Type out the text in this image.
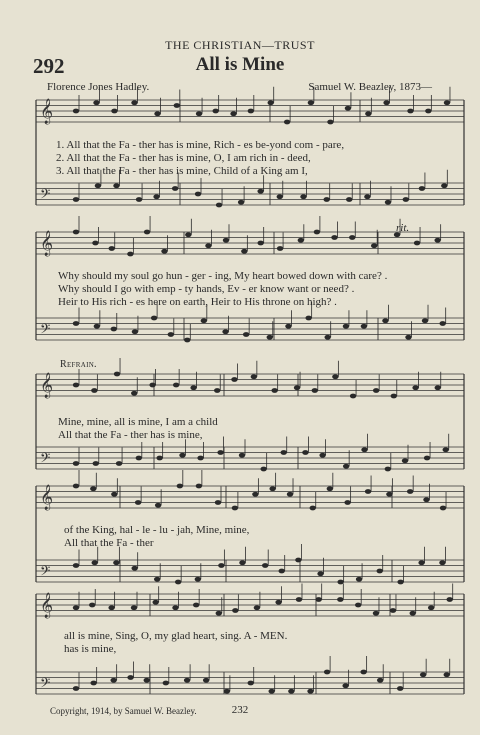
THE CHRISTIAN—TRUST
292	All is Mine
Florence Jones Hadley.	Samuel W. Beazley, 1873—
𝄞
𝄢
𝄞
𝄢
𝄞
𝄢
𝄞
𝄢
𝄞
𝄢
1. All that the Fa - ther has is mine, Rich - es be-yond com - pare,
2. All that the Fa - ther has is mine, O, I am rich in - deed,
3. All that the Fa - ther has is mine, Child of a King am I,
rit.
Why should my soul go hun - ger - ing, My heart bowed down with care? .
Why should I go with emp - ty hands, Ev - er know want or need? .
Heir to His rich - es here on earth, Heir to His throne on high? .
Refrain.
Mine, mine, all is mine, I am a child
All that the Fa - ther has is mine,
of the King, hal - le - lu - jah, Mine, mine,
All that the Fa - ther
all is mine, Sing, O, my glad heart, sing. A - MEN.
has is mine,
Copyright, 1914, by Samuel W. Beazley.	232
